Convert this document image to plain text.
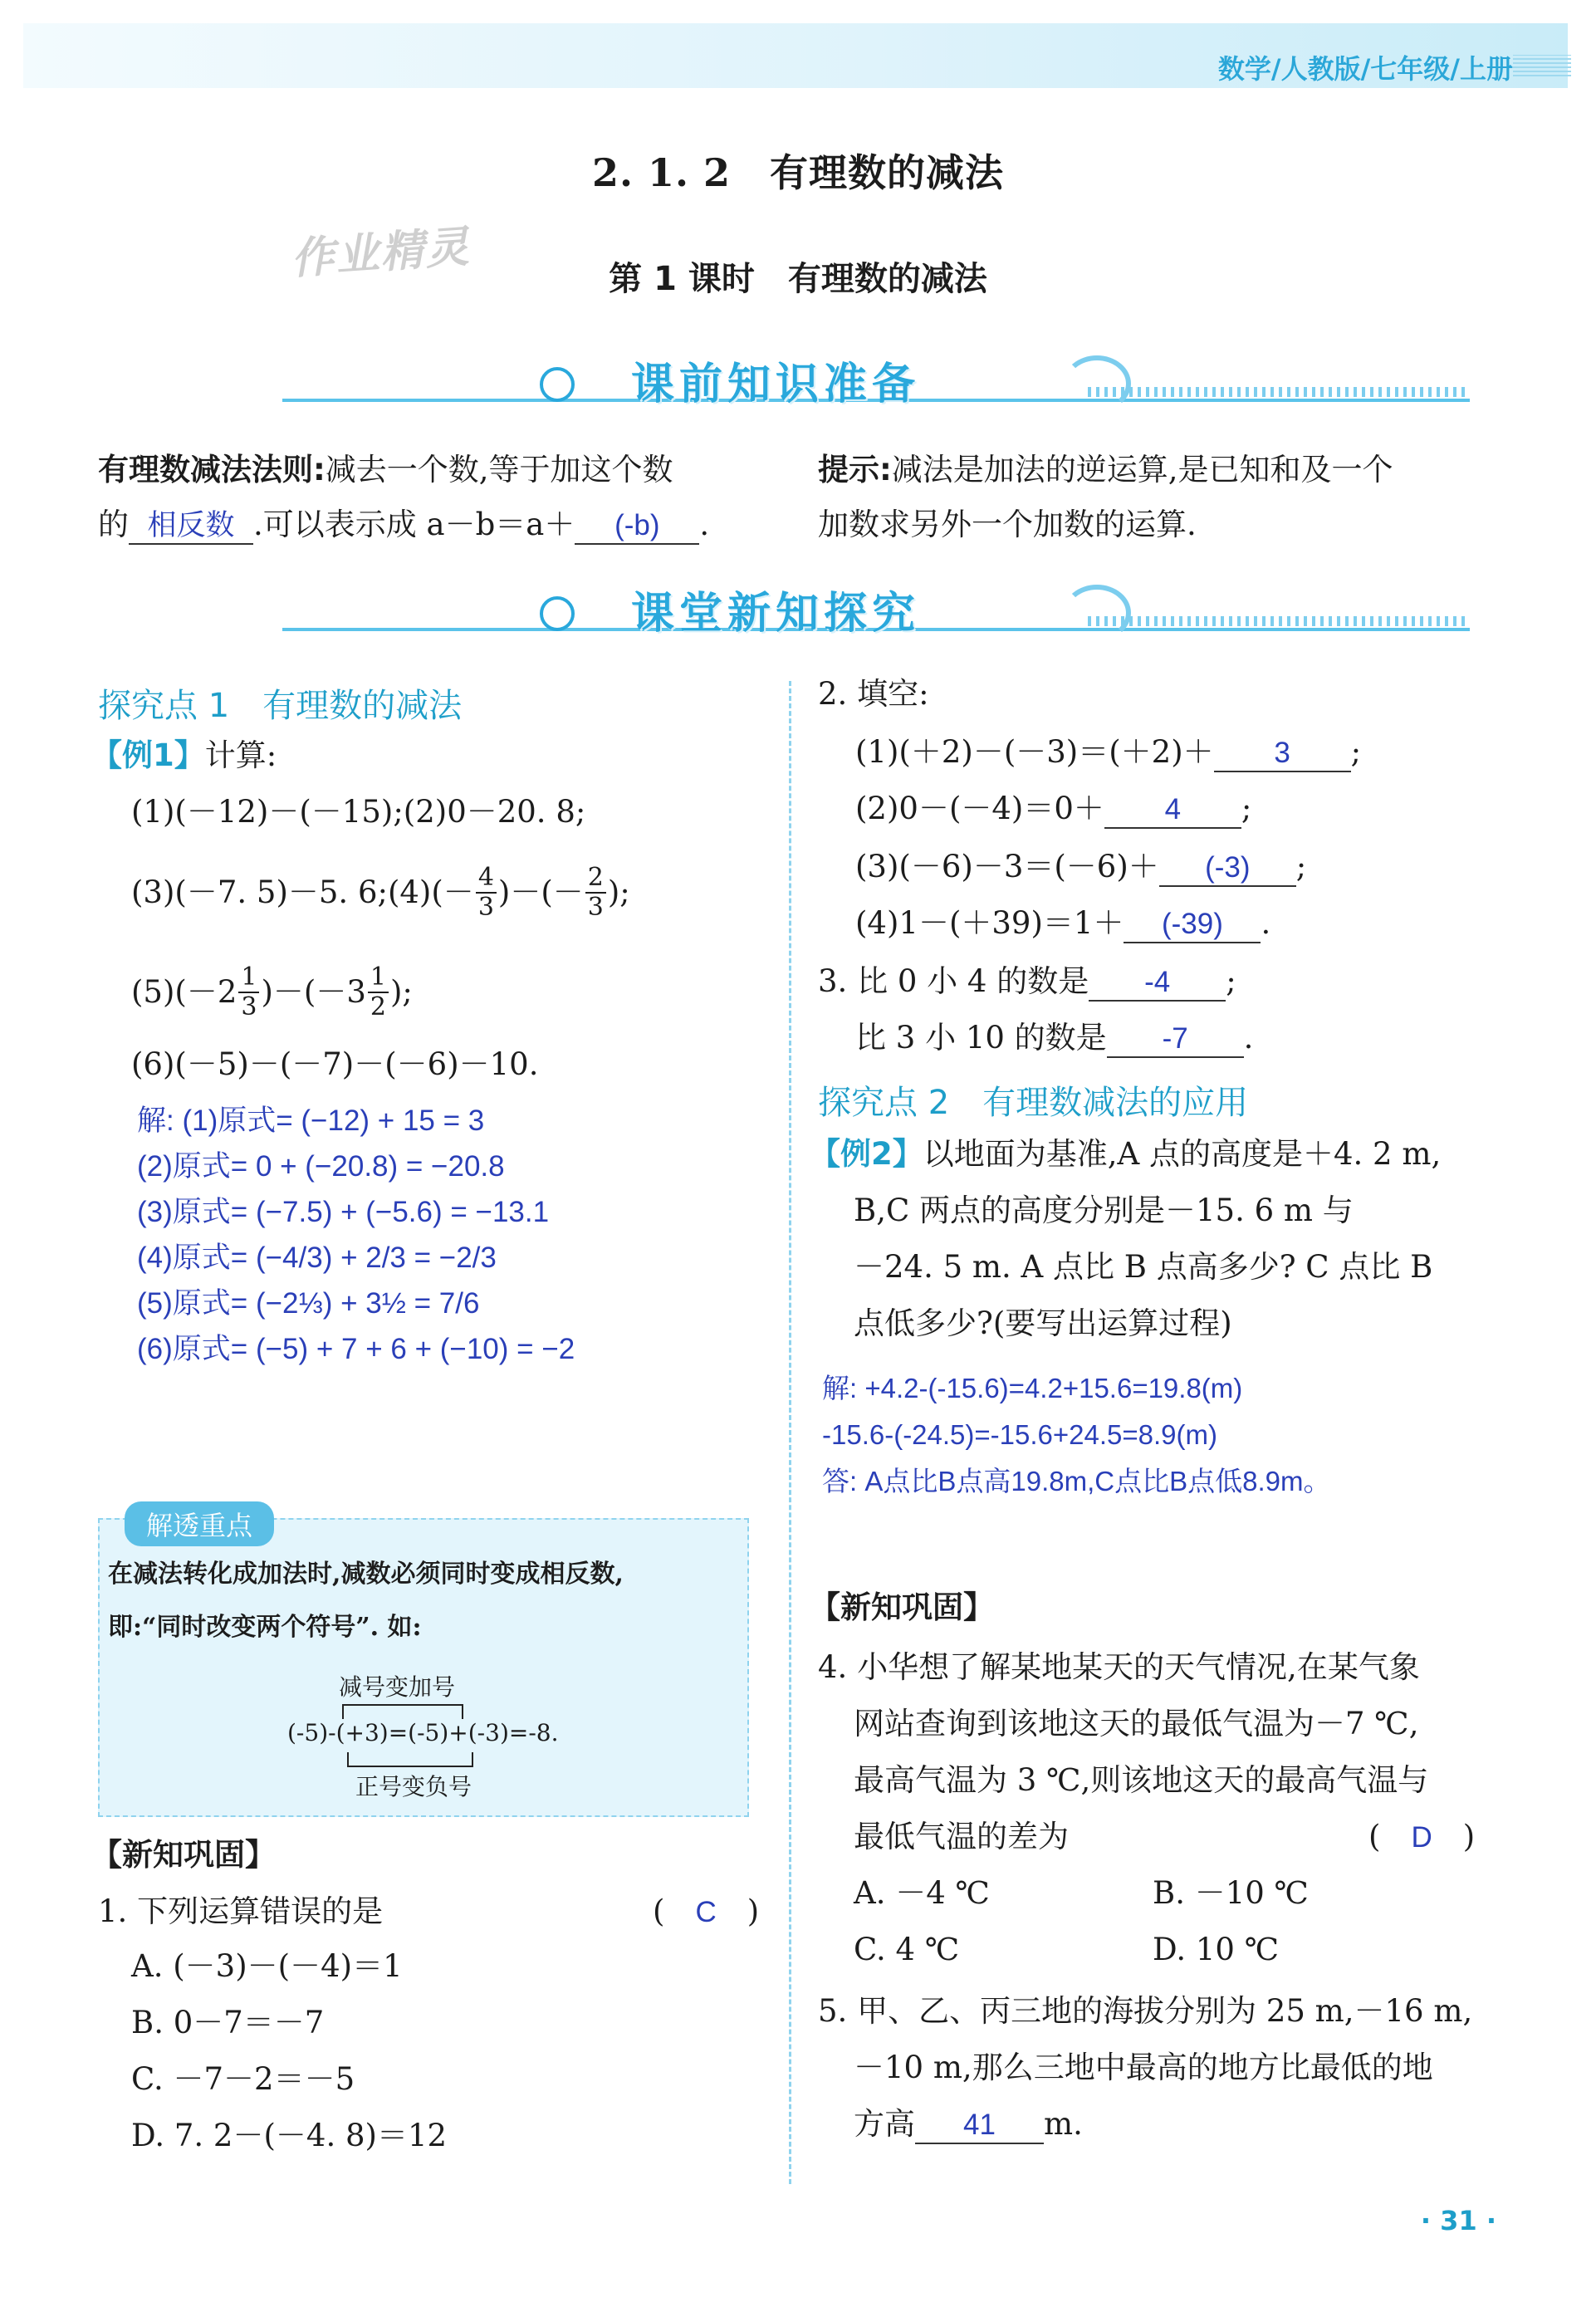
数学/人教版/七年级/上册
2. 1. 2　有理数的减法
第 1 课时　有理数的减法
作业精灵
课前知识准备
有理数减法法则:减去一个数,等于加这个数
的 相反数 .可以表示成 a－b＝a＋ (-b) .
提示:减法是加法的逆运算,是已知和及一个
加数求另外一个加数的运算.
课堂新知探究
探究点 1　有理数的减法
【例1】计算:
(1)(－12)－(－15);(2)0－20. 8;
(3)(－7. 5)－5. 6;(4)(－ $\frac{4}{3}$ )－(－ $\frac{2}{3}$ );
$(5)(-2 \frac{1}{3} )-(-3 \frac{1}{2}$ );
(6)(－5)－(－7)－(－6)－10.
解: (1)原式= (−12) + 15 = 3
(2)原式= 0 + (−20.8) = −20.8
(3)原式= (−7.5) + (−5.6) = −13.1
(4)原式= (−4/3) + 2/3 = −2/3
(5)原式= (−2⅓) + 3½ = 7/6
(6)原式= (−5) + 7 + 6 + (−10) = −2
解透重点
在减法转化成加法时,减数必须同时变成相反数,
即:“同时改变两个符号”. 如:
减号变加号
(-5)-(+3)=(-5)+(-3)=-8.
正号变负号
【新知巩固】
1. 下列运算错误的是	(　C　)
A. (－3)－(－4)＝1
B. 0－7＝－7
C. －7－2＝－5
D. 7. 2－(－4. 8)＝12
2. 填空:
(1)(＋2)－(－3)＝(＋2)＋ 3 ;
(2)0－(－4)＝0＋ 4 ;
(3)(－6)－3＝(－6)＋ (-3) ;
(4)1－(＋39)＝1＋ (-39) .
3. 比 0 小 4 的数是 -4 ;
比 3 小 10 的数是 -7 .
探究点 2　有理数减法的应用
【例2】以地面为基准,A 点的高度是＋4. 2 m,
B,C 两点的高度分别是－15. 6 m 与
－24. 5 m. A 点比 B 点高多少? C 点比 B
点低多少?(要写出运算过程)
解: +4.2-(-15.6)=4.2+15.6=19.8(m)
-15.6-(-24.5)=-15.6+24.5=8.9(m)
答: A点比B点高19.8m,C点比B点低8.9m。
【新知巩固】
4. 小华想了解某地某天的天气情况,在某气象
网站查询到该地这天的最低气温为－7 ℃,
最高气温为 3 ℃,则该地这天的最高气温与
最低气温的差为	(　D　)
A. －4 ℃	B. －10 ℃
C. 4 ℃	D. 10 ℃
5. 甲、乙、丙三地的海拔分别为 25 m,－16 m,
－10 m,那么三地中最高的地方比最低的地
方高 41 m.
· 31 ·
